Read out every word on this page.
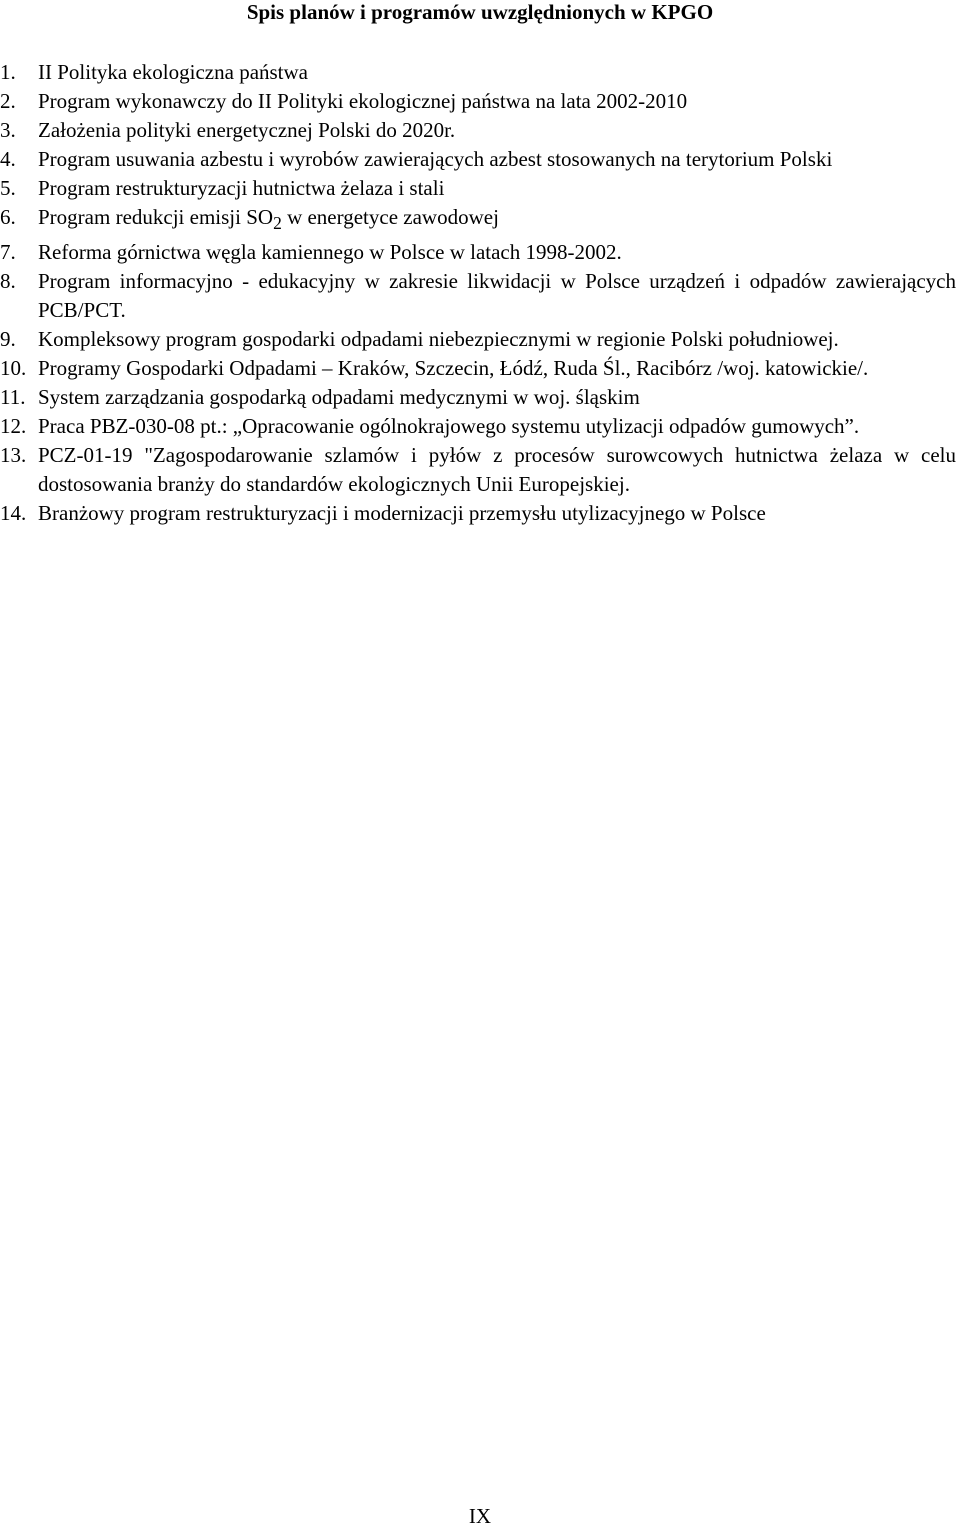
Spis planów i programów uwzględnionych w KPGO
1.	II Polityka ekologiczna państwa
2.	Program wykonawczy do II Polityki ekologicznej państwa na lata 2002-2010
3.	Założenia polityki energetycznej Polski do 2020r.
4.	Program usuwania azbestu i wyrobów zawierających azbest stosowanych na terytorium Polski
5.	Program restrukturyzacji hutnictwa żelaza i stali
6.	Program redukcji emisji $SO_2$ w energetyce zawodowej
7.	Reforma górnictwa węgla kamiennego w Polsce w latach 1998-2002.
8.	Program informacyjno - edukacyjny w zakresie likwidacji w Polsce urządzeń i odpadów zawierających PCB/PCT.
9.	Kompleksowy program gospodarki odpadami niebezpiecznymi w regionie Polski południowej.
10. Programy Gospodarki Odpadami – Kraków, Szczecin, Łódź, Ruda Śl., Racibórz /woj. katowickie/.
11. System zarządzania gospodarką odpadami medycznymi w woj. śląskim
12. Praca PBZ-030-08 pt.: „Opracowanie ogólnokrajowego systemu utylizacji odpadów gumowych”.
13. PCZ-01-19 "Zagospodarowanie szlamów i pyłów z procesów surowcowych hutnictwa żelaza w celu dostosowania branży do standardów ekologicznych Unii Europejskiej.
14. Branżowy program restrukturyzacji i modernizacji przemysłu utylizacyjnego w Polsce
IX
